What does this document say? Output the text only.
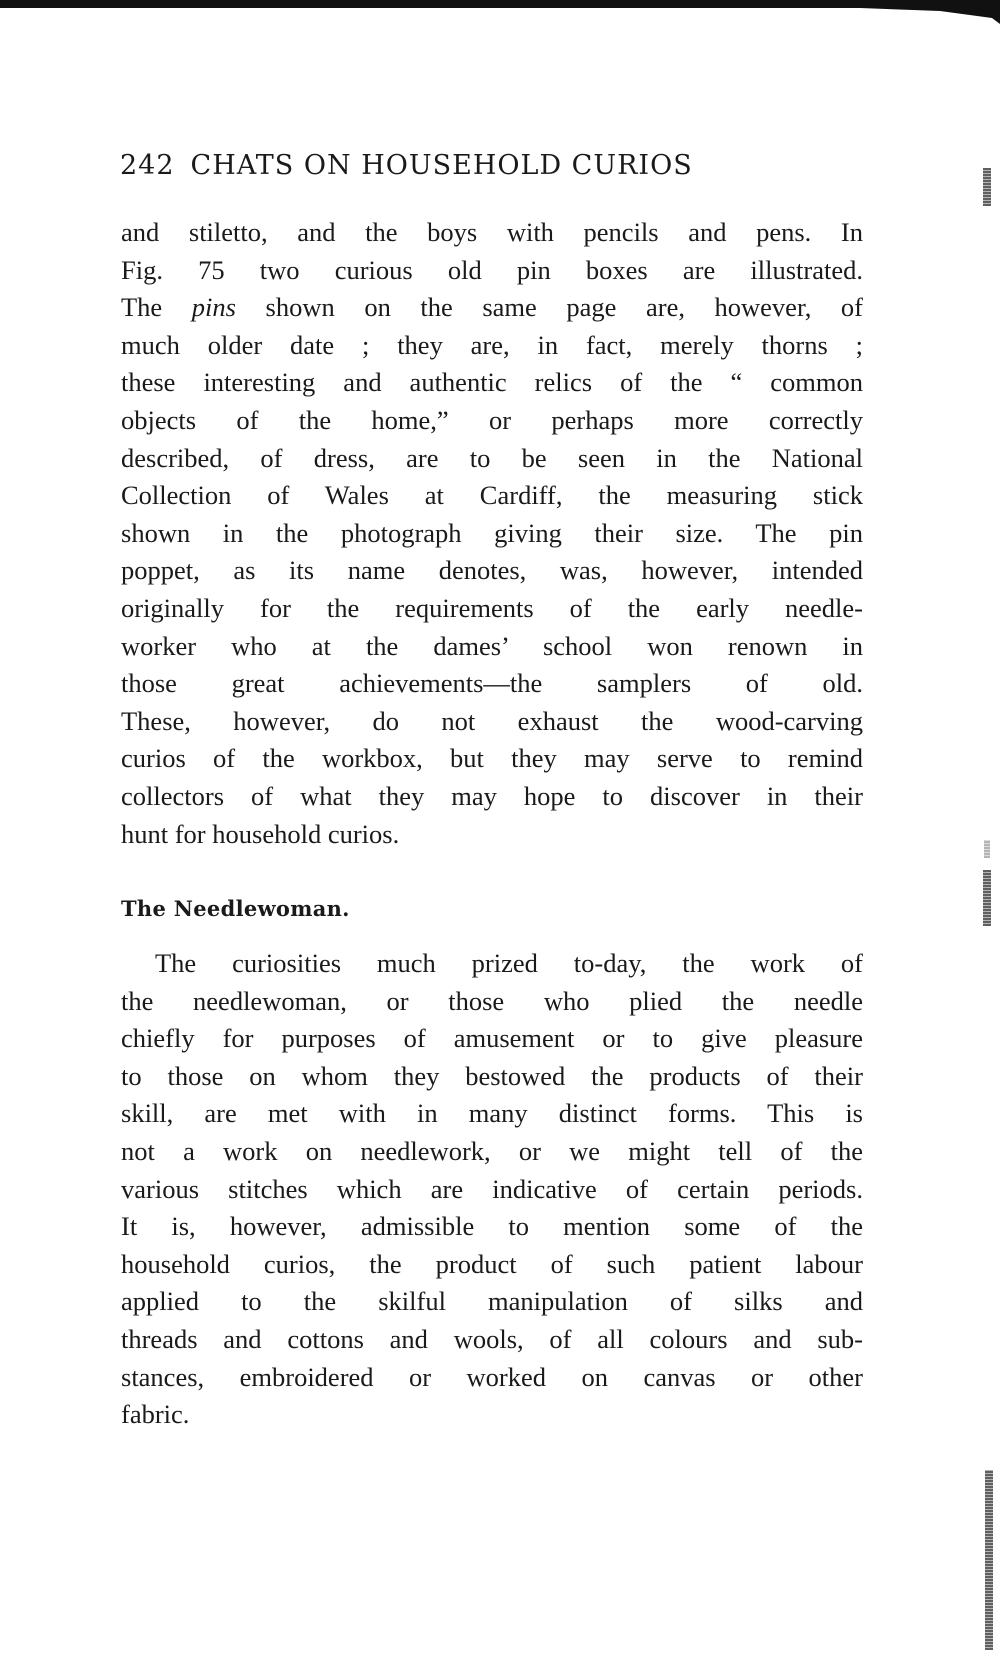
242 CHATS ON HOUSEHOLD CURIOS
and stiletto, and the boys with pencils and pens. In
Fig. 75 two curious old pin boxes are illustrated.
The pins shown on the same page are, however, of
much older date ; they are, in fact, merely thorns ;
these interesting and authentic relics of the “ common
objects of the home,” or perhaps more correctly
described, of dress, are to be seen in the National
Collection of Wales at Cardiff, the measuring stick
shown in the photograph giving their size. The pin
poppet, as its name denotes, was, however, intended
originally for the requirements of the early needle-
worker who at the dames’ school won renown in
those great achievements—the samplers of old.
These, however, do not exhaust the wood-carving
curios of the workbox, but they may serve to remind
collectors of what they may hope to discover in their
hunt for household curios.
The Needlewoman.
The curiosities much prized to-day, the work of
the needlewoman, or those who plied the needle
chiefly for purposes of amusement or to give pleasure
to those on whom they bestowed the products of their
skill, are met with in many distinct forms. This is
not a work on needlework, or we might tell of the
various stitches which are indicative of certain periods.
It is, however, admissible to mention some of the
household curios, the product of such patient labour
applied to the skilful manipulation of silks and
threads and cottons and wools, of all colours and sub-
stances, embroidered or worked on canvas or other
fabric.
